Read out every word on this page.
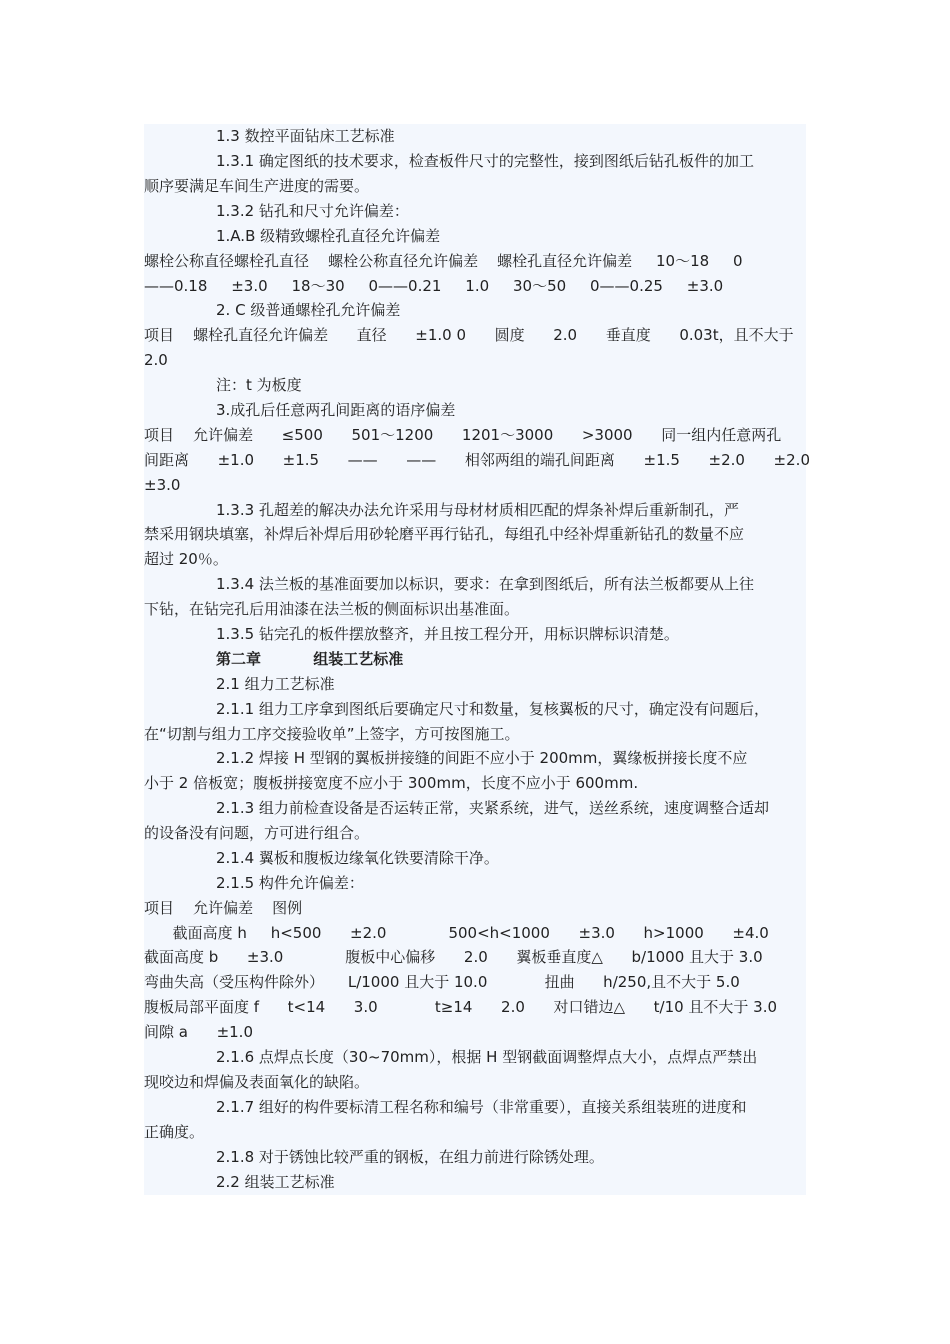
1.3 数控平面钻床工艺标准
1.3.1 确定图纸的技术要求，检查板件尺寸的完整性，接到图纸后钻孔板件的加工
顺序要满足车间生产进度的需要。
1.3.2 钻孔和尺寸允许偏差：
1.A.B 级精致螺栓孔直径允许偏差
螺栓公称直径螺栓孔直径    螺栓公称直径允许偏差    螺栓孔直径允许偏差     10～18     0
——0.18     ±3.0     18～30     0——0.21     1.0     30～50     0——0.25     ±3.0
2. C 级普通螺栓孔允许偏差
项目    螺栓孔直径允许偏差      直径      ±1.0 0      圆度      2.0      垂直度      0.03t，且不大于
2.0
注：t 为板度
3.成孔后任意两孔间距离的语序偏差
项目    允许偏差      ≤500      501～1200      1201～3000      >3000      同一组内任意两孔
间距离      ±1.0      ±1.5      ——      ——      相邻两组的端孔间距离      ±1.5      ±2.0      ±2.0
±3.0
1.3.3 孔超差的解决办法允许采用与母材材质相匹配的焊条补焊后重新制孔，严
禁采用钢块填塞，补焊后补焊后用砂轮磨平再行钻孔，每组孔中经补焊重新钻孔的数量不应
超过 20％。
1.3.4 法兰板的基准面要加以标识，要求：在拿到图纸后，所有法兰板都要从上往
下钻，在钻完孔后用油漆在法兰板的侧面标识出基准面。
1.3.5 钻完孔的板件摆放整齐，并且按工程分开，用标识牌标识清楚。
第二章          组装工艺标准
2.1 组力工艺标准
2.1.1 组力工序拿到图纸后要确定尺寸和数量，复核翼板的尺寸，确定没有问题后，
在“切割与组力工序交接验收单”上签字，方可按图施工。
2.1.2 焊接 H 型钢的翼板拼接缝的间距不应小于 200mm，翼缘板拼接长度不应
小于 2 倍板宽；腹板拼接宽度不应小于 300mm，长度不应小于 600mm.
2.1.3 组力前检查设备是否运转正常，夹紧系统，进气，送丝系统，速度调整合适却
的设备没有问题，方可进行组合。
2.1.4 翼板和腹板边缘氧化铁要清除干净。
2.1.5 构件允许偏差：
项目    允许偏差    图例
截面高度 h     h<500      ±2.0             500<h<1000      ±3.0      h>1000      ±4.0
截面高度 b      ±3.0             腹板中心偏移      2.0      翼板垂直度△      b/1000 且大于 3.0
弯曲失高（受压构件除外）     L/1000 且大于 10.0            扭曲      h/250,且不大于 5.0
腹板局部平面度 f      t<14      3.0            t≥14      2.0      对口错边△      t/10 且不大于 3.0
间隙 a      ±1.0
2.1.6 点焊点长度（30~70mm），根据 H 型钢截面调整焊点大小，点焊点严禁出
现咬边和焊偏及表面氧化的缺陷。
2.1.7 组好的构件要标清工程名称和编号（非常重要），直接关系组装班的进度和
正确度。
2.1.8 对于锈蚀比较严重的钢板，在组力前进行除锈处理。
2.2 组装工艺标准
